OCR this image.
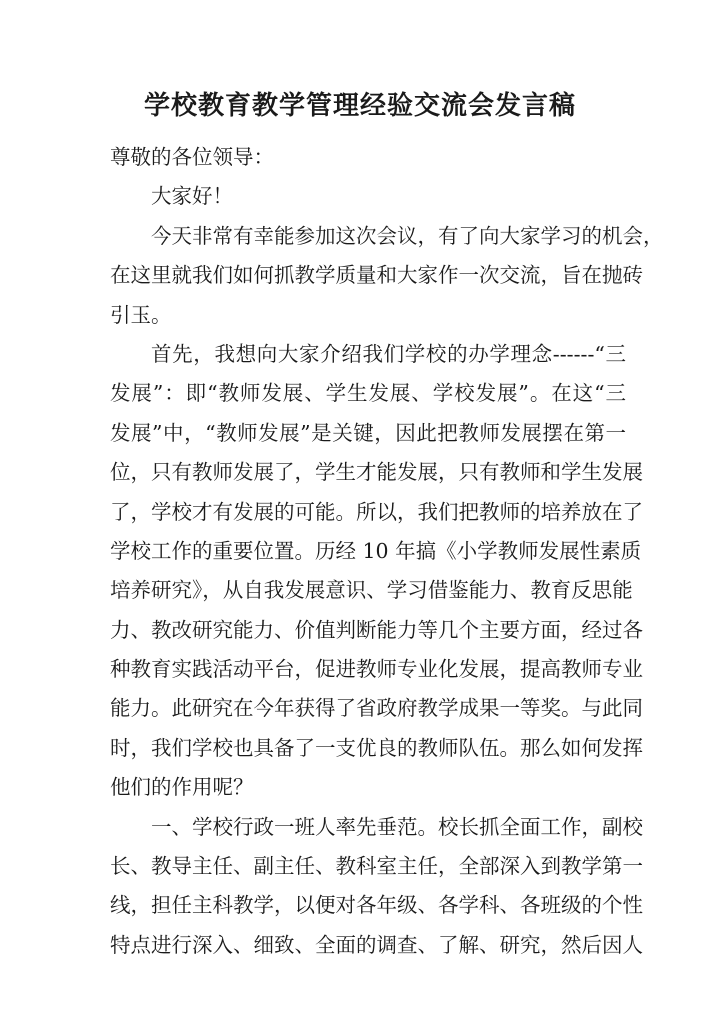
学校教育教学管理经验交流会发言稿
尊敬的各位领导：
大家好！
今天非常有幸能参加这次会议，有了向大家学习的机会，
在这里就我们如何抓教学质量和大家作一次交流，旨在抛砖
引玉。
首先，我想向大家介绍我们学校的办学理念------“三
发展”：即“教师发展、学生发展、学校发展”。在这“三
发展”中，“教师发展”是关键，因此把教师发展摆在第一
位，只有教师发展了，学生才能发展，只有教师和学生发展
了，学校才有发展的可能。所以，我们把教师的培养放在了
学校工作的重要位置。历经 10 年搞《小学教师发展性素质
培养研究》，从自我发展意识、学习借鉴能力、教育反思能
力、教改研究能力、价值判断能力等几个主要方面，经过各
种教育实践活动平台，促进教师专业化发展，提高教师专业
能力。此研究在今年获得了省政府教学成果一等奖。与此同
时，我们学校也具备了一支优良的教师队伍。那么如何发挥
他们的作用呢？
一、学校行政一班人率先垂范。校长抓全面工作，副校
长、教导主任、副主任、教科室主任，全部深入到教学第一
线，担任主科教学，以便对各年级、各学科、各班级的个性
特点进行深入、细致、全面的调查、了解、研究，然后因人
